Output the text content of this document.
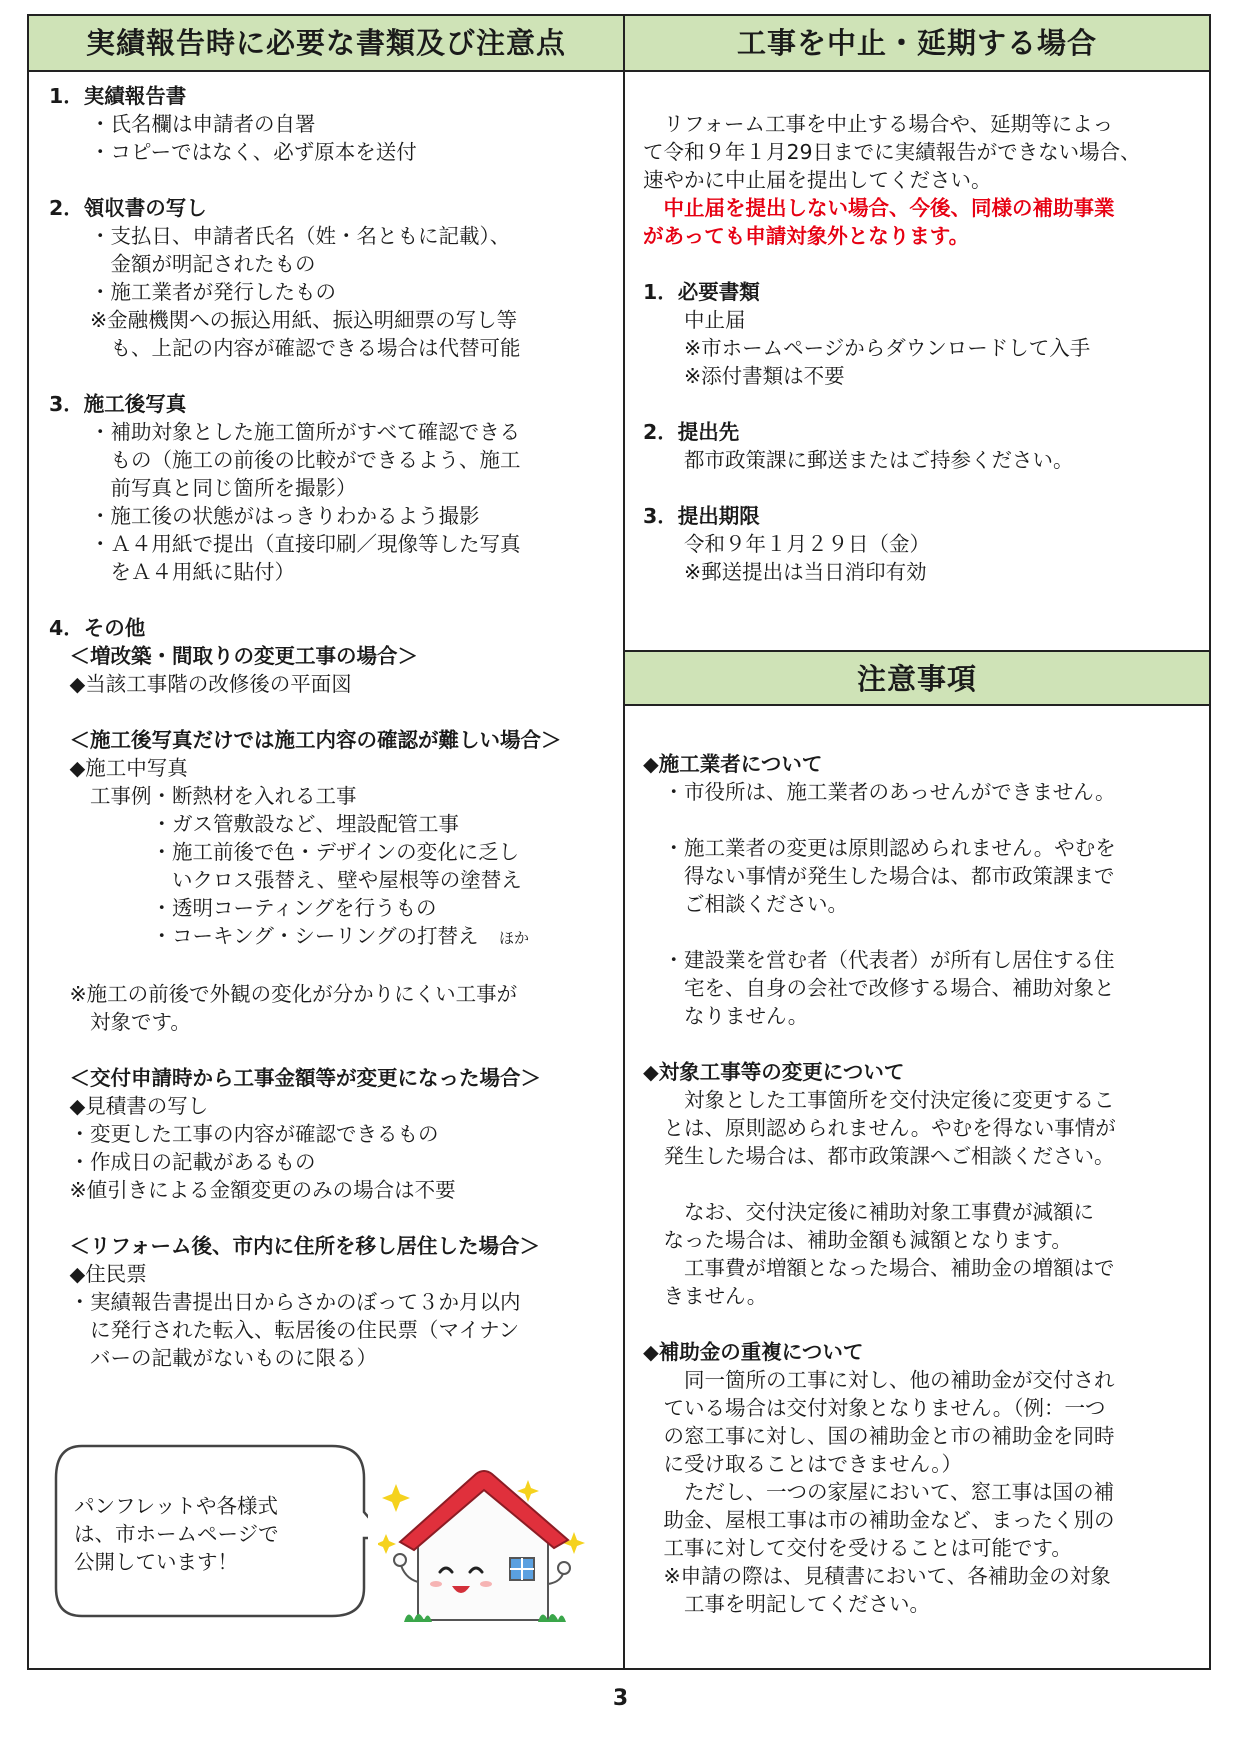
実績報告時に必要な書類及び注意点	工事を中止・延期する場合
注意事項
1．実績報告書
　　・氏名欄は申請者の自署
　　・コピーではなく、必ず原本を送付
2．領収書の写し
　　・支払日、申請者氏名（姓・名ともに記載）、
　　　金額が明記されたもの
　　・施工業者が発行したもの
　　※金融機関への振込用紙、振込明細票の写し等
　　　も、上記の内容が確認できる場合は代替可能
3．施工後写真
　　・補助対象とした施工箇所がすべて確認できる
　　　もの（施工の前後の比較ができるよう、施工
　　　前写真と同じ箇所を撮影）
　　・施工後の状態がはっきりわかるよう撮影
　　・Ａ４用紙で提出（直接印刷／現像等した写真
　　　をＡ４用紙に貼付）
4．その他
　＜増改築・間取りの変更工事の場合＞
　◆当該工事階の改修後の平面図
　＜施工後写真だけでは施工内容の確認が難しい場合＞
　◆施工中写真
　　工事例・断熱材を入れる工事
　　　　　・ガス管敷設など、埋設配管工事
　　　　　・施工前後で色・デザインの変化に乏し
　　　　　　いクロス張替え、壁や屋根等の塗替え
　　　　　・透明コーティングを行うもの
　　　　　・コーキング・シーリングの打替え　ほか
　※施工の前後で外観の変化が分かりにくい工事が
　　対象です。
　＜交付申請時から工事金額等が変更になった場合＞
　◆見積書の写し
　・変更した工事の内容が確認できるもの
　・作成日の記載があるもの
　※値引きによる金額変更のみの場合は不要
　＜リフォーム後、市内に住所を移し居住した場合＞
　◆住民票
　・実績報告書提出日からさかのぼって３か月以内
　　に発行された転入、転居後の住民票（マイナン
　　バーの記載がないものに限る）
　リフォーム工事を中止する場合や、延期等によっ
て令和９年１月29日までに実績報告ができない場合、
速やかに中止届を提出してください。
　中止届を提出しない場合、今後、同様の補助事業
があっても申請対象外となります。
1．必要書類
　　中止届
　　※市ホームページからダウンロードして入手
　　※添付書類は不要
2．提出先
　　都市政策課に郵送またはご持参ください。
3．提出期限
　　令和９年１月２９日（金）
　　※郵送提出は当日消印有効
◆施工業者について
　・市役所は、施工業者のあっせんができません。
　・施工業者の変更は原則認められません。やむを
　　得ない事情が発生した場合は、都市政策課まで
　　ご相談ください。
　・建設業を営む者（代表者）が所有し居住する住
　　宅を、自身の会社で改修する場合、補助対象と
　　なりません。
◆対象工事等の変更について
　　対象とした工事箇所を交付決定後に変更するこ
　とは、原則認められません。やむを得ない事情が
　発生した場合は、都市政策課へご相談ください。
　　なお、交付決定後に補助対象工事費が減額に
　なった場合は、補助金額も減額となります。
　　工事費が増額となった場合、補助金の増額はで
　きません。
◆補助金の重複について
　　同一箇所の工事に対し、他の補助金が交付され
　ている場合は交付対象となりません。（例：一つ
　の窓工事に対し、国の補助金と市の補助金を同時
　に受け取ることはできません。）
　　ただし、一つの家屋において、窓工事は国の補
　助金、屋根工事は市の補助金など、まったく別の
　工事に対して交付を受けることは可能です。
　※申請の際は、見積書において、各補助金の対象
　　工事を明記してください。
パンフレットや各様式
は、市ホームページで
公開しています！
3
